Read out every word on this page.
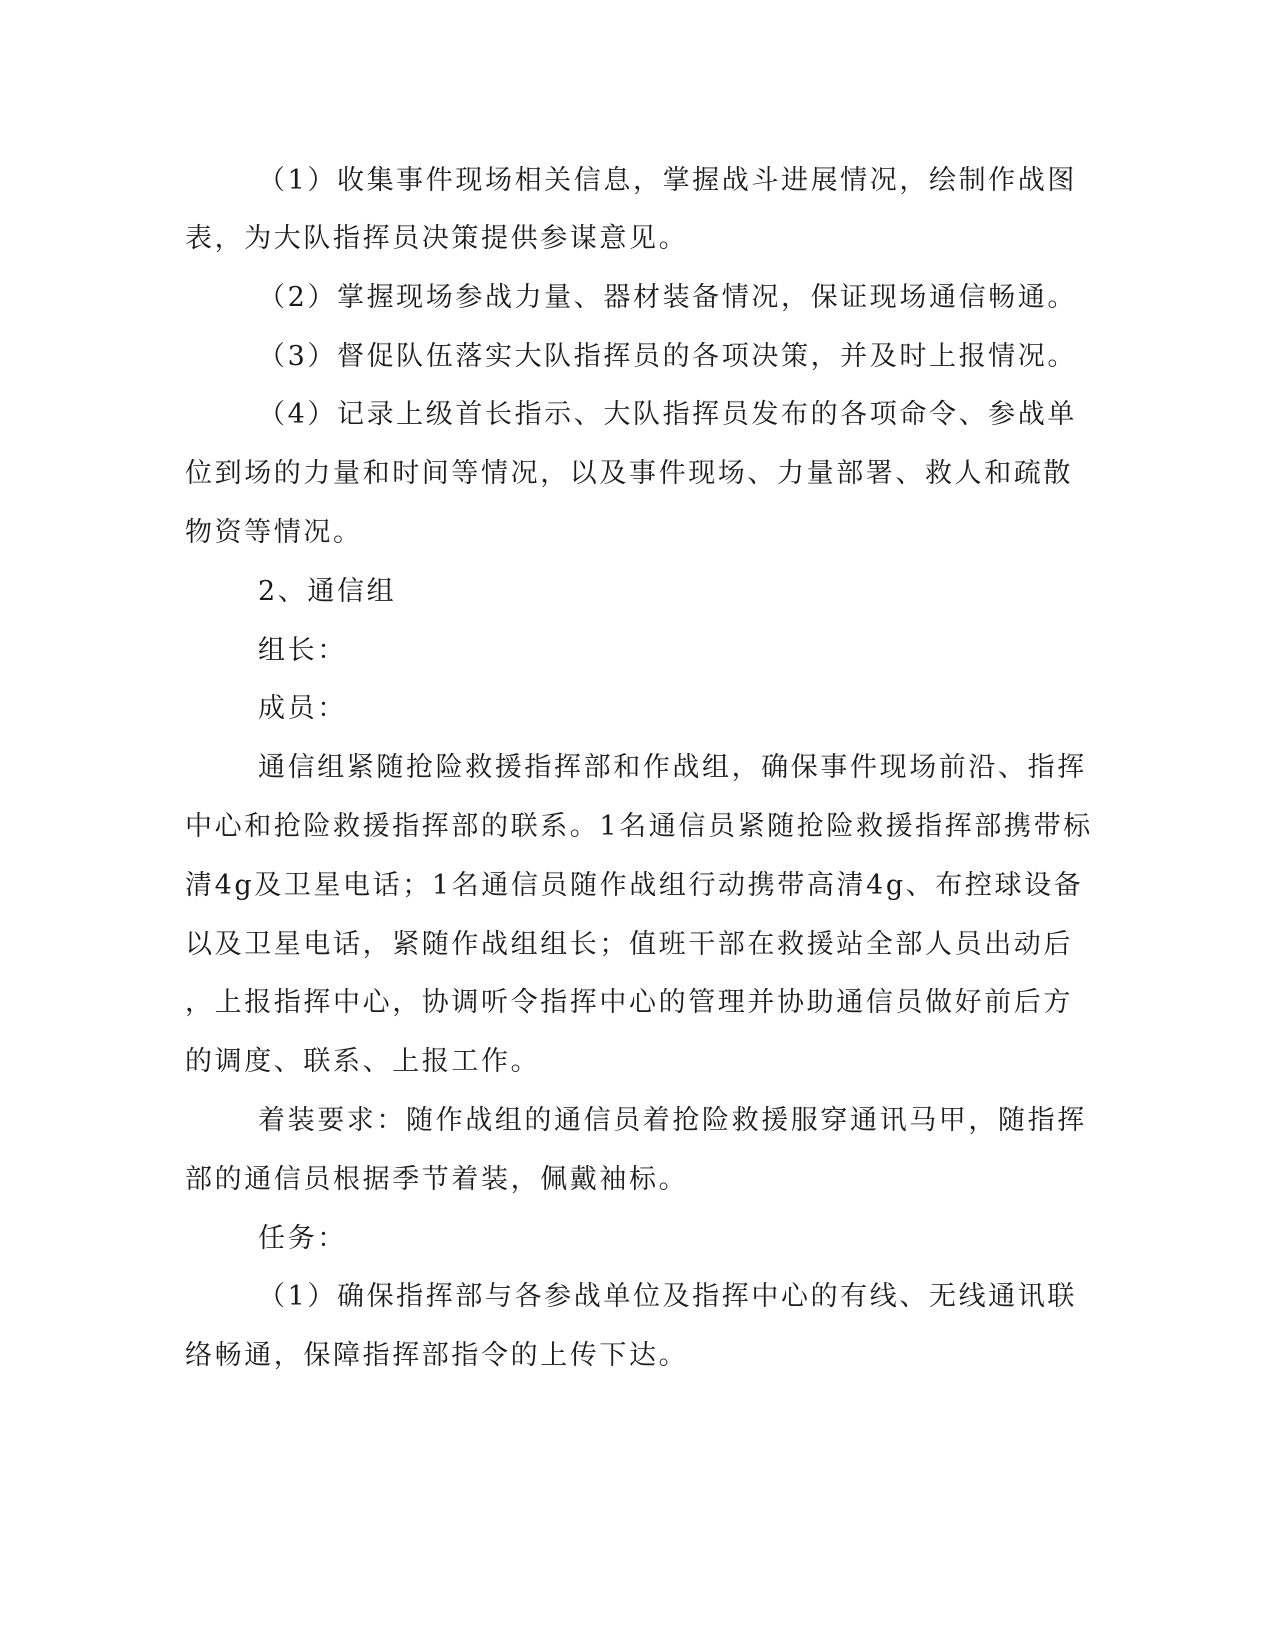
（1）收集事件现场相关信息，掌握战斗进展情况，绘制作战图
表，为大队指挥员决策提供参谋意见。
（2）掌握现场参战力量、器材装备情况，保证现场通信畅通。
（3）督促队伍落实大队指挥员的各项决策，并及时上报情况。
（4）记录上级首长指示、大队指挥员发布的各项命令、参战单
位到场的力量和时间等情况，以及事件现场、力量部署、救人和疏散
物资等情况。
2、通信组
组长：
成员：
通信组紧随抢险救援指挥部和作战组，确保事件现场前沿、指挥
中心和抢险救援指挥部的联系。1名通信员紧随抢险救援指挥部携带标
清4g及卫星电话；1名通信员随作战组行动携带高清4g、布控球设备
以及卫星电话，紧随作战组组长；值班干部在救援站全部人员出动后
，上报指挥中心，协调听令指挥中心的管理并协助通信员做好前后方
的调度、联系、上报工作。
着装要求：随作战组的通信员着抢险救援服穿通讯马甲，随指挥
部的通信员根据季节着装，佩戴袖标。
任务：
（1）确保指挥部与各参战单位及指挥中心的有线、无线通讯联
络畅通，保障指挥部指令的上传下达。
